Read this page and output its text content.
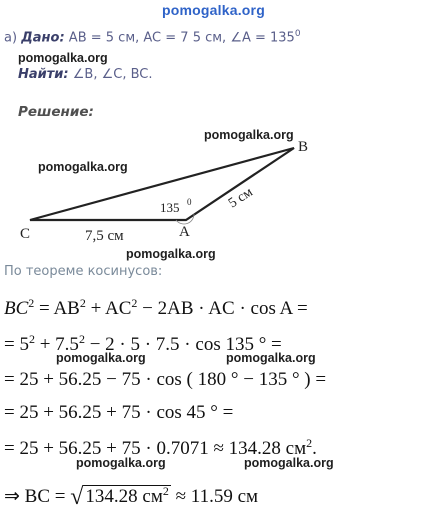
pomogalka.org
а) Дано: AB = 5 см, AC = 7 5 см, ∠A = $135^0$
pomogalka.org
Найти: ∠B, ∠C, BC.
Решение:
pomogalka.org
pomogalka.org
pomogalka.org
C	A
B
7,5 см
5 см
135 0
По теореме косинусов:
$BC^2 = AB^2 + AC^2 - 2AB$ · AC · cos A =
= $5^2 + 7.5^2 - 2 \cdot 5 \cdot 7.5 \cdot \cos 135$ ° =
pomogalka.org	pomogalka.org
= 25 + 56.25 − 75 · cos ( 180 ° − 135 ° ) =
= 25 + 56.25 + 75 · cos 45 ° =
= 25 + 56.25 + 75 · 0.7071 ≈ 134.28 $см^2$.
pomogalka.org	pomogalka.org
⇒ BC = √ 134.28 $см^2 \approx 11.59$ см
